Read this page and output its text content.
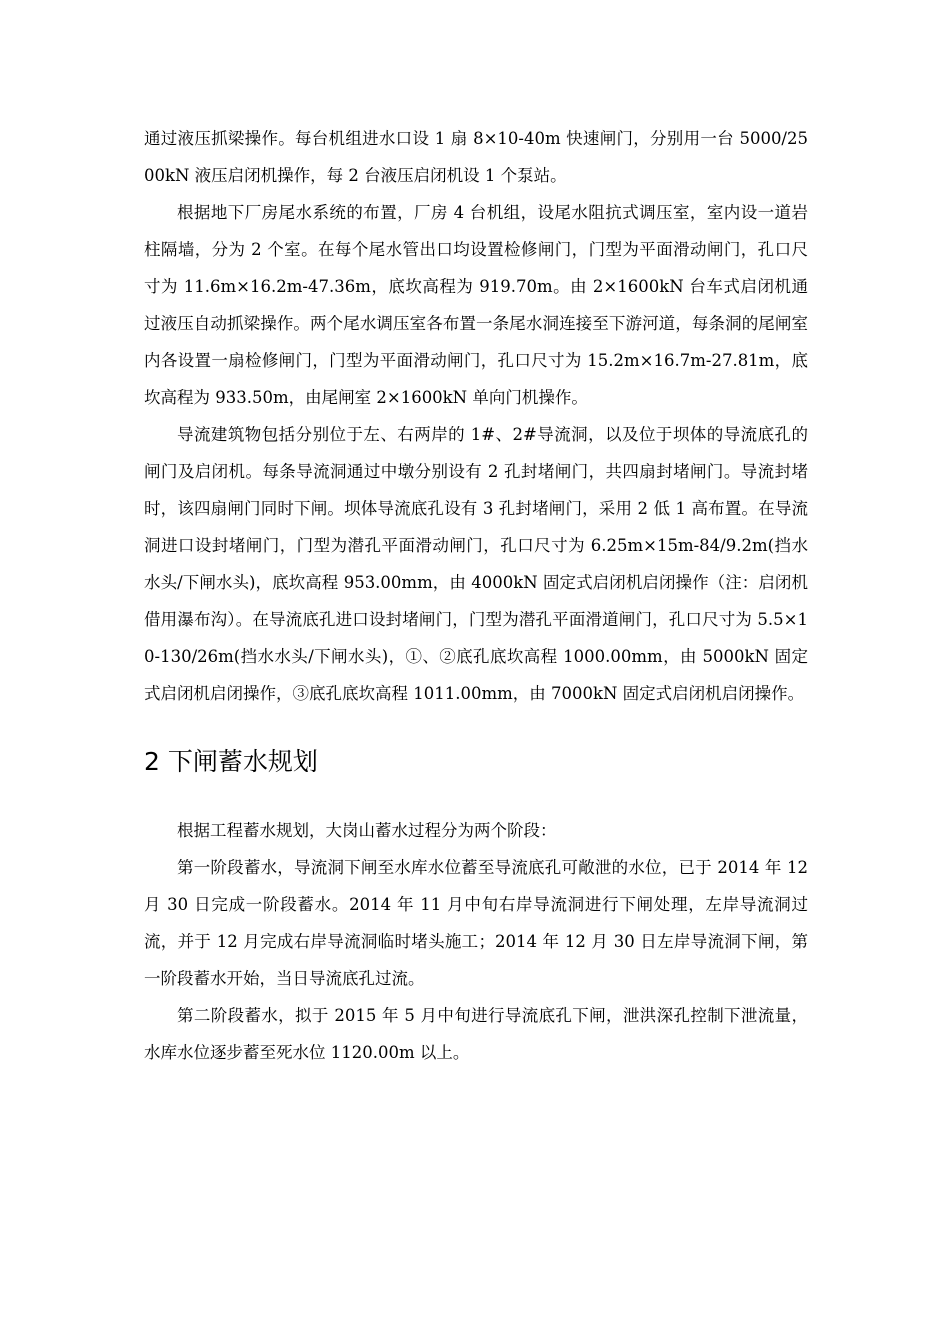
通过液压抓梁操作。每台机组进水口设 1 扇 8×10-40m 快速闸门，分别用一台 5000/2500kN 液压启闭机操作，每 2 台液压启闭机设 1 个泵站。

根据地下厂房尾水系统的布置，厂房 4 台机组，设尾水阻抗式调压室，室内设一道岩柱隔墙，分为 2 个室。在每个尾水管出口均设置检修闸门，门型为平面滑动闸门，孔口尺寸为 11.6m×16.2m-47.36m，底坎高程为 919.70m。由 2×1600kN 台车式启闭机通过液压自动抓梁操作。两个尾水调压室各布置一条尾水洞连接至下游河道，每条洞的尾闸室内各设置一扇检修闸门，门型为平面滑动闸门，孔口尺寸为 15.2m×16.7m-27.81m，底坎高程为 933.50m，由尾闸室 2×1600kN 单向门机操作。

导流建筑物包括分别位于左、右两岸的 1#、2#导流洞，以及位于坝体的导流底孔的闸门及启闭机。每条导流洞通过中墩分别设有 2 孔封堵闸门，共四扇封堵闸门。导流封堵时，该四扇闸门同时下闸。坝体导流底孔设有 3 孔封堵闸门，采用 2 低 1 高布置。在导流洞进口设封堵闸门，门型为潜孔平面滑动闸门，孔口尺寸为 6.25m×15m-84/9.2m(挡水水头/下闸水头)，底坎高程 953.00mm，由 4000kN 固定式启闭机启闭操作（注：启闭机借用瀑布沟）。在导流底孔进口设封堵闸门，门型为潜孔平面滑道闸门，孔口尺寸为 5.5×10-130/26m(挡水水头/下闸水头)，①、②底孔底坎高程 1000.00mm，由 5000kN 固定式启闭机启闭操作，③底孔底坎高程 1011.00mm，由 7000kN 固定式启闭机启闭操作。

2 下闸蓄水规划

根据工程蓄水规划，大岗山蓄水过程分为两个阶段：

第一阶段蓄水，导流洞下闸至水库水位蓄至导流底孔可敞泄的水位，已于 2014 年 12 月 30 日完成一阶段蓄水。2014 年 11 月中旬右岸导流洞进行下闸处理，左岸导流洞过流，并于 12 月完成右岸导流洞临时堵头施工；2014 年 12 月 30 日左岸导流洞下闸，第一阶段蓄水开始，当日导流底孔过流。

第二阶段蓄水，拟于 2015 年 5 月中旬进行导流底孔下闸，泄洪深孔控制下泄流量，水库水位逐步蓄至死水位 1120.00m 以上。
